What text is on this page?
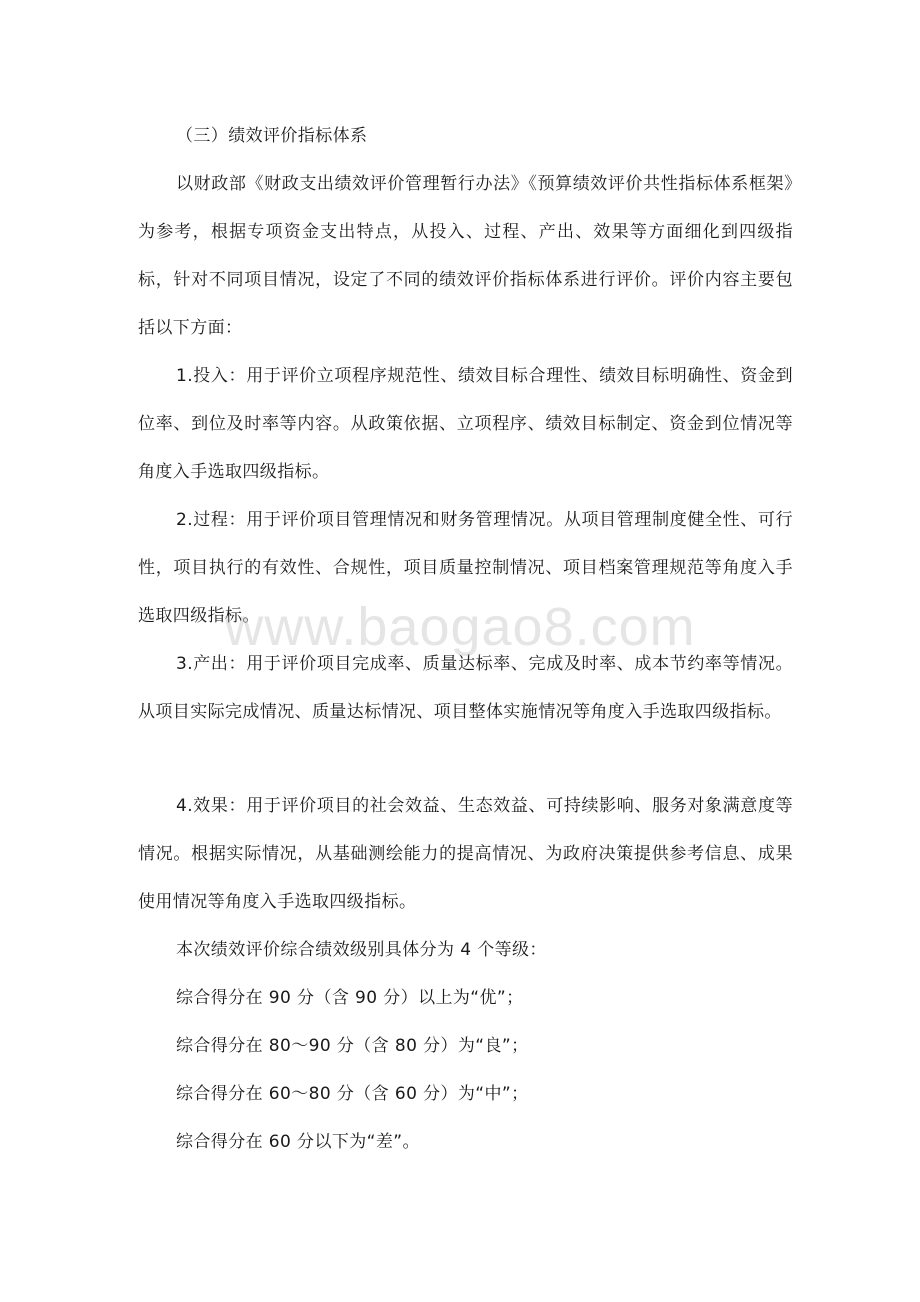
（三）绩效评价指标体系

以财政部《财政支出绩效评价管理暂行办法》《预算绩效评价共性指标体系框架》为参考，根据专项资金支出特点，从投入、过程、产出、效果等方面细化到四级指标，针对不同项目情况，设定了不同的绩效评价指标体系进行评价。评价内容主要包括以下方面：

1.投入：用于评价立项程序规范性、绩效目标合理性、绩效目标明确性、资金到位率、到位及时率等内容。从政策依据、立项程序、绩效目标制定、资金到位情况等角度入手选取四级指标。

2.过程：用于评价项目管理情况和财务管理情况。从项目管理制度健全性、可行性，项目执行的有效性、合规性，项目质量控制情况、项目档案管理规范等角度入手选取四级指标。

3.产出：用于评价项目完成率、质量达标率、完成及时率、成本节约率等情况。从项目实际完成情况、质量达标情况、项目整体实施情况等角度入手选取四级指标。

4.效果：用于评价项目的社会效益、生态效益、可持续影响、服务对象满意度等情况。根据实际情况，从基础测绘能力的提高情况、为政府决策提供参考信息、成果使用情况等角度入手选取四级指标。

本次绩效评价综合绩效级别具体分为 4 个等级：

综合得分在 90 分（含 90 分）以上为“优”；

综合得分在 80～90 分（含 80 分）为“良”；

综合得分在 60～80 分（含 60 分）为“中”；

综合得分在 60 分以下为“差”。

www.baogao8.com
